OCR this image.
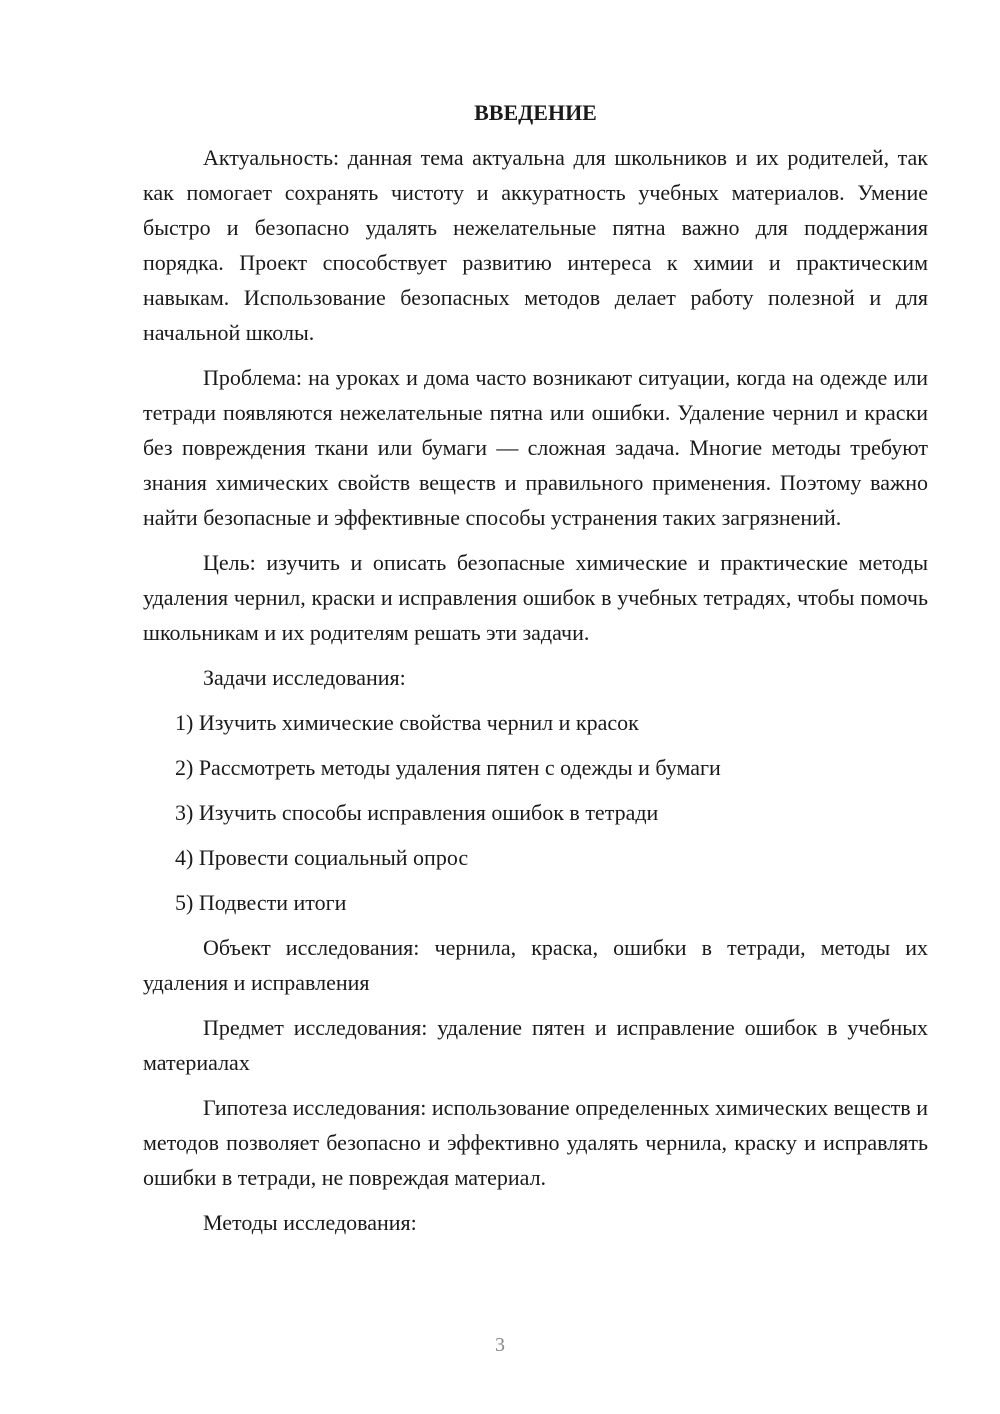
ВВЕДЕНИЕ

Актуальность: данная тема актуальна для школьников и их родителей, так как помогает сохранять чистоту и аккуратность учебных материалов. Умение быстро и безопасно удалять нежелательные пятна важно для поддержания порядка. Проект способствует развитию интереса к химии и практическим навыкам. Использование безопасных методов делает работу полезной и для начальной школы.

Проблема: на уроках и дома часто возникают ситуации, когда на одежде или тетради появляются нежелательные пятна или ошибки. Удаление чернил и краски без повреждения ткани или бумаги — сложная задача. Многие методы требуют знания химических свойств веществ и правильного применения. Поэтому важно найти безопасные и эффективные способы устранения таких загрязнений.

Цель: изучить и описать безопасные химические и практические методы удаления чернил, краски и исправления ошибок в учебных тетрадях, чтобы помочь школьникам и их родителям решать эти задачи.

Задачи исследования:

1) Изучить химические свойства чернил и красок
2) Рассмотреть методы удаления пятен с одежды и бумаги
3) Изучить способы исправления ошибок в тетради
4) Провести социальный опрос
5) Подвести итоги

Объект исследования: чернила, краска, ошибки в тетради, методы их удаления и исправления

Предмет исследования: удаление пятен и исправление ошибок в учебных материалах

Гипотеза исследования: использование определенных химических веществ и методов позволяет безопасно и эффективно удалять чернила, краску и исправлять ошибки в тетради, не повреждая материал.

Методы исследования:

3
